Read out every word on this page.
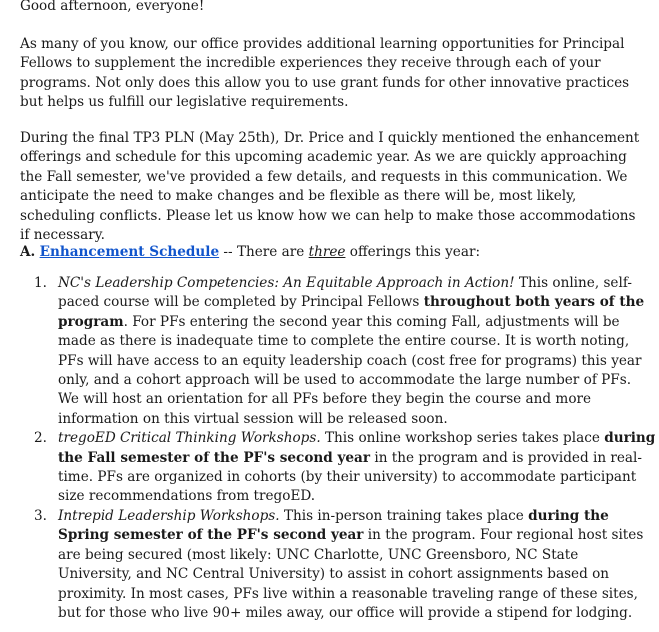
Good afternoon, everyone!

As many of you know, our office provides additional learning opportunities for Principal Fellows to supplement the incredible experiences they receive through each of your programs. Not only does this allow you to use grant funds for other innovative practices but helps us fulfill our legislative requirements.

During the final TP3 PLN (May 25th), Dr. Price and I quickly mentioned the enhancement offerings and schedule for this upcoming academic year. As we are quickly approaching the Fall semester, we've provided a few details, and requests in this communication. We anticipate the need to make changes and be flexible as there will be, most likely, scheduling conflicts. Please let us know how we can help to make those accommodations if necessary.

A. Enhancement Schedule -- There are three offerings this year:

1. NC's Leadership Competencies: An Equitable Approach in Action! This online, self-paced course will be completed by Principal Fellows throughout both years of the program. For PFs entering the second year this coming Fall, adjustments will be made as there is inadequate time to complete the entire course. It is worth noting, PFs will have access to an equity leadership coach (cost free for programs) this year only, and a cohort approach will be used to accommodate the large number of PFs. We will host an orientation for all PFs before they begin the course and more information on this virtual session will be released soon.
2. tregoED Critical Thinking Workshops. This online workshop series takes place during the Fall semester of the PF's second year in the program and is provided in real-time. PFs are organized in cohorts (by their university) to accommodate participant size recommendations from tregoED.
3. Intrepid Leadership Workshops. This in-person training takes place during the Spring semester of the PF's second year in the program. Four regional host sites are being secured (most likely: UNC Charlotte, UNC Greensboro, NC State University, and NC Central University) to assist in cohort assignments based on proximity. In most cases, PFs live within a reasonable traveling range of these sites, but for those who live 90+ miles away, our office will provide a stipend for lodging.
